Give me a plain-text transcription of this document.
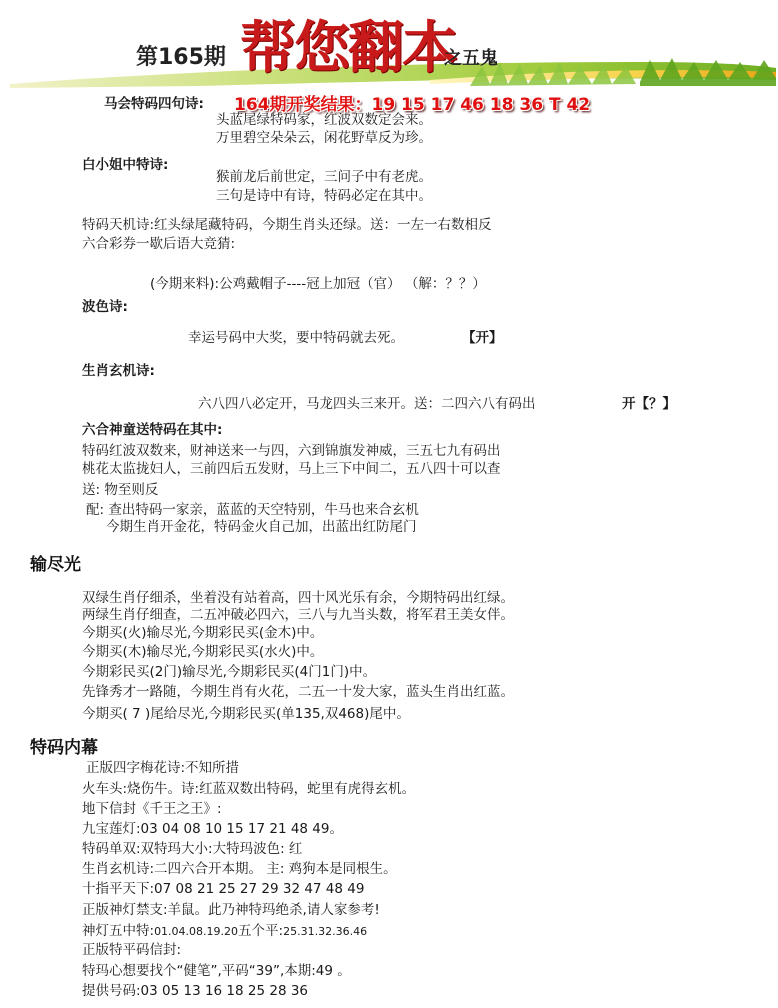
第165期 帮您翻本
之五鬼
164期开奖结果：19 15 17 46 18 36 T 42
马会特码四句诗:
头蓝尾绿特码家，红波双数定会来。
万里碧空朵朵云，闲花野草反为珍。
白小姐中特诗:
猴前龙后前世定，三问子中有老虎。
三句是诗中有诗，特码必定在其中。
特码天机诗:红头绿尾藏特码，今期生肖头还绿。送：一左一右数相反
六合彩券一歇后语大竞猜:
(今期来料):公鸡戴帽子----冠上加冠（官） （解：？？）
波色诗:
幸运号码中大奖，要中特码就去死。	【开】
生肖玄机诗:
六八四八必定开，马龙四头三来开。送：二四六八有码出	开【？】
六合神童送特码在其中:
特码红波双数来，财神送来一与四，六到锦旗发神威，三五七九有码出
桃花太监拢妇人，三前四后五发财，马上三下中间二，五八四十可以查
送: 物至则反
配: 查出特码一家亲，蓝蓝的天空特别，牛马也来合玄机
今期生肖开金花，特码金火自己加，出蓝出红防尾门
输尽光
双绿生肖仔细杀，坐着没有站着高，四十风光乐有余，今期特码出红绿。
两绿生肖仔细查，二五冲破必四六，三八与九当头数，将军君王美女伴。
今期买(火)输尽光,今期彩民买(金木)中。
今期买(木)输尽光,今期彩民买(水火)中。
今期彩民买(2门)输尽光,今期彩民买(4门1门)中。
先锋秀才一路随，今期生肖有火花，二五一十发大家，蓝头生肖出红蓝。
今期买( 7 )尾给尽光,今期彩民买(单135,双468)尾中。
特码内幕
正版四字梅花诗:不知所措
火车头:烧伤牛。诗:红蓝双数出特码，蛇里有虎得玄机。
地下信封《千王之王》:
九宝莲灯:03 04 08 10 15 17 21 48 49。
特码单双:双特玛大小:大特玛波色: 红
生肖玄机诗:二四六合开本期。 主: 鸡狗本是同根生。
十指平天下:07 08 21 25 27 29 32 47 48 49
正版神灯禁支:羊鼠。此乃神特玛绝杀,请人家参考!
神灯五中特:01.04.08.19.20五个平:25.31.32.36.46
正版特平码信封:
特玛心想要找个“健笔”,平码“39”,本期:49 。
提供号码:03 05 13 16 18 25 28 36
